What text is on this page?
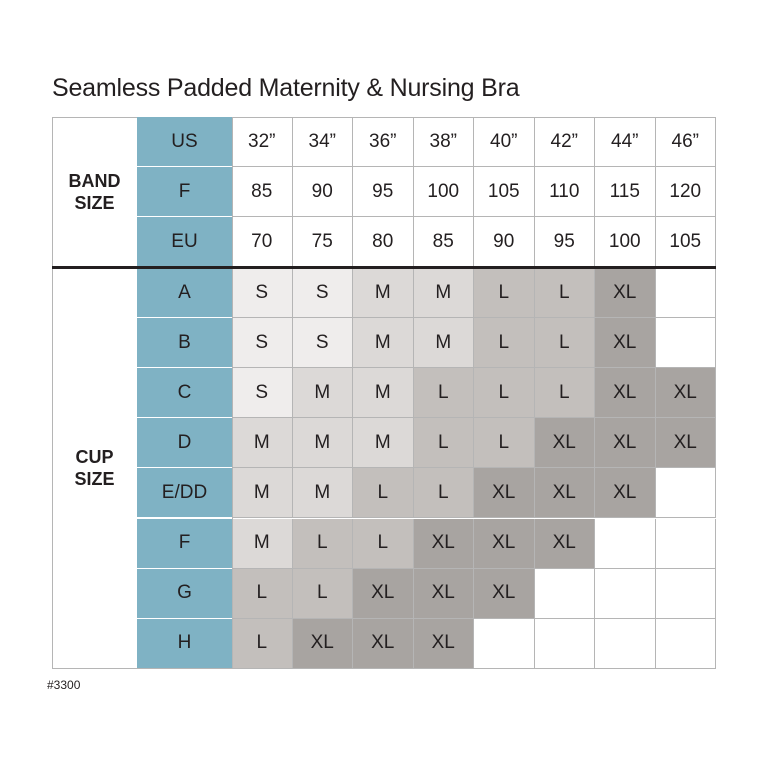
Seamless Padded Maternity & Nursing Bra
US	32”	34”	36”	38”	40”	42”	44”	46”
F	85	90	95	100	105	110	115	120
EU	70	75	80	85	90	95	100	105
A	S	S	M	M	L	L	XL
B	S	S	M	M	L	L	XL
C	S	M	M	L	L	L	XL	XL
D	M	M	M	L	L	XL	XL	XL
E/DD	M	M	L	L	XL	XL	XL
F	M	L	L	XL	XL	XL
G	L	L	XL	XL	XL
H	L	XL	XL	XL
BAND
SIZE
CUP
SIZE
#3300
